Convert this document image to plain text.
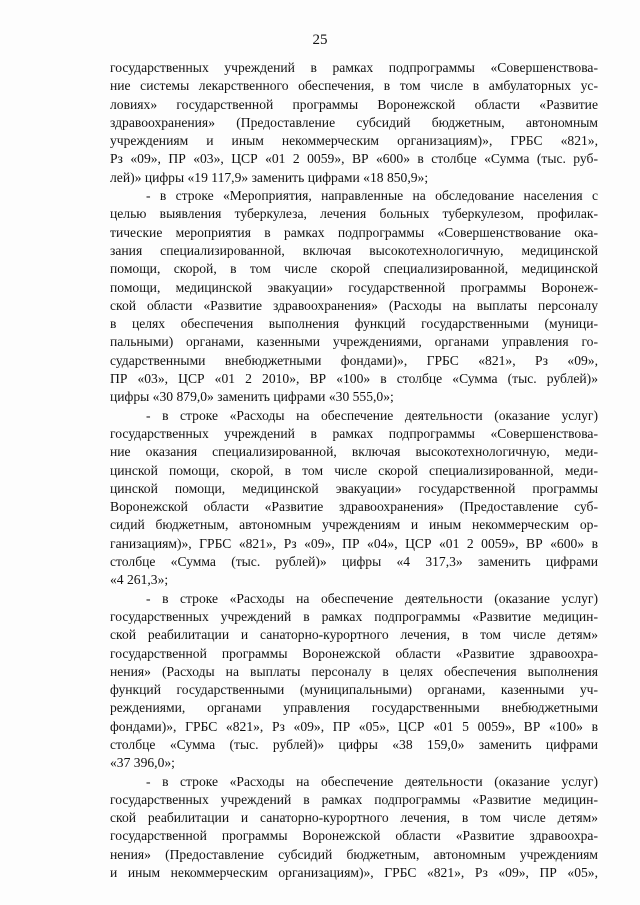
25
государственных учреждений в рамках подпрограммы «Совершенствова-
ние системы лекарственного обеспечения, в том числе в амбулаторных ус-
ловиях» государственной программы Воронежской области «Развитие
здравоохранения» (Предоставление субсидий бюджетным, автономным
учреждениям и иным некоммерческим организациям)», ГРБС «821»,
Рз «09», ПР «03», ЦСР «01 2 0059», ВР «600» в столбце «Сумма (тыс. руб-
лей)» цифры «19 117,9» заменить цифрами «18 850,9»;
- в строке «Мероприятия, направленные на обследование населения с
целью выявления туберкулеза, лечения больных туберкулезом, профилак-
тические мероприятия в рамках подпрограммы «Совершенствование ока-
зания специализированной, включая высокотехнологичную, медицинской
помощи, скорой, в том числе скорой специализированной, медицинской
помощи, медицинской эвакуации» государственной программы Воронеж-
ской области «Развитие здравоохранения» (Расходы на выплаты персоналу
в целях обеспечения выполнения функций государственными (муници-
пальными) органами, казенными учреждениями, органами управления го-
сударственными внебюджетными фондами)», ГРБС «821», Рз «09»,
ПР «03», ЦСР «01 2 2010», ВР «100» в столбце «Сумма (тыс. рублей)»
цифры «30 879,0» заменить цифрами «30 555,0»;
- в строке «Расходы на обеспечение деятельности (оказание услуг)
государственных учреждений в рамках подпрограммы «Совершенствова-
ние оказания специализированной, включая высокотехнологичную, меди-
цинской помощи, скорой, в том числе скорой специализированной, меди-
цинской помощи, медицинской эвакуации» государственной программы
Воронежской области «Развитие здравоохранения» (Предоставление суб-
сидий бюджетным, автономным учреждениям и иным некоммерческим ор-
ганизациям)», ГРБС «821», Рз «09», ПР «04», ЦСР «01 2 0059», ВР «600» в
столбце «Сумма (тыс. рублей)» цифры «4 317,3» заменить цифрами
«4 261,3»;
- в строке «Расходы на обеспечение деятельности (оказание услуг)
государственных учреждений в рамках подпрограммы «Развитие медицин-
ской реабилитации и санаторно-курортного лечения, в том числе детям»
государственной программы Воронежской области «Развитие здравоохра-
нения» (Расходы на выплаты персоналу в целях обеспечения выполнения
функций государственными (муниципальными) органами, казенными уч-
реждениями, органами управления государственными внебюджетными
фондами)», ГРБС «821», Рз «09», ПР «05», ЦСР «01 5 0059», ВР «100» в
столбце «Сумма (тыс. рублей)» цифры «38 159,0» заменить цифрами
«37 396,0»;
- в строке «Расходы на обеспечение деятельности (оказание услуг)
государственных учреждений в рамках подпрограммы «Развитие медицин-
ской реабилитации и санаторно-курортного лечения, в том числе детям»
государственной программы Воронежской области «Развитие здравоохра-
нения» (Предоставление субсидий бюджетным, автономным учреждениям
и иным некоммерческим организациям)», ГРБС «821», Рз «09», ПР «05»,
